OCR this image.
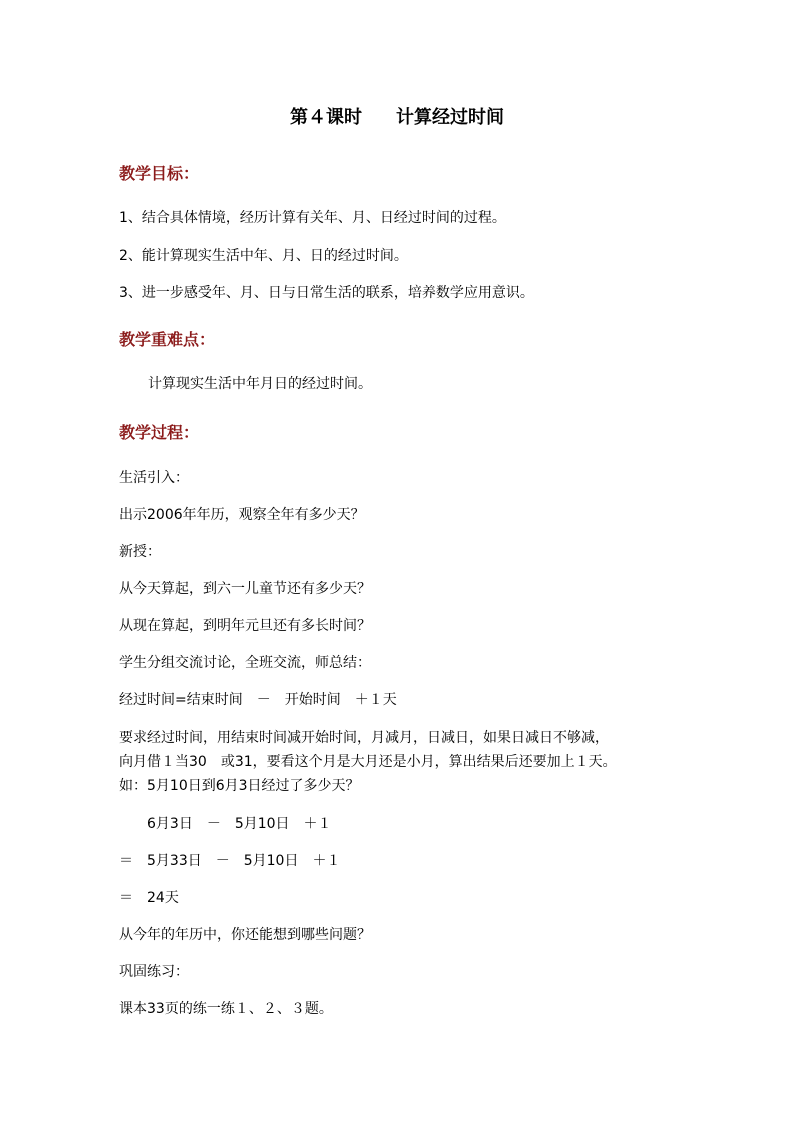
第４课时 计算经过时间
教学目标：
1、结合具体情境，经历计算有关年、月、日经过时间的过程。
2、能计算现实生活中年、月、日的经过时间。
3、进一步感受年、月、日与日常生活的联系，培养数学应用意识。
教学重难点：
计算现实生活中年月日的经过时间。
教学过程：
生活引入：
出示2006年年历，观察全年有多少天？
新授：
从今天算起，到六一儿童节还有多少天？
从现在算起，到明年元旦还有多长时间？
学生分组交流讨论，全班交流，师总结：
经过时间=结束时间　－　开始时间　＋１天
要求经过时间，用结束时间减开始时间，月减月，日减日，如果日减日不够减，
向月借１当30　或31，要看这个月是大月还是小月，算出结果后还要加上１天。
如：5月10日到6月3日经过了多少天？
　　6月3日　－　5月10日　＋１
＝　5月33日　－　5月10日　＋１
＝　24天
从今年的年历中，你还能想到哪些问题？
巩固练习：
课本33页的练一练１、２、３题。
